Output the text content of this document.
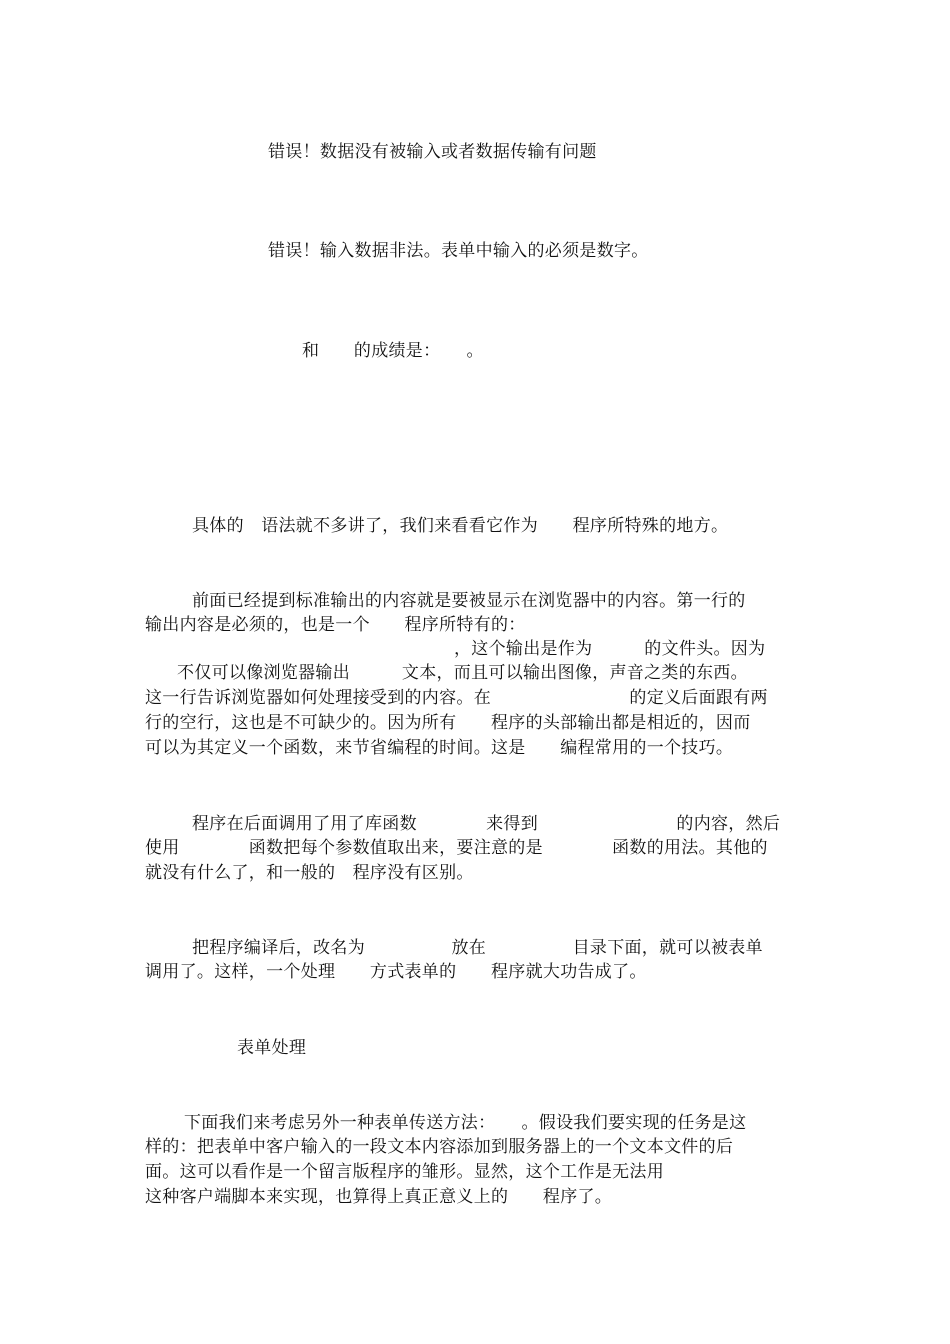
错误！数据没有被输入或者数据传输有问题

错误！输入数据非法。表单中输入的必须是数字。

和　　的成绩是：　　。

具体的　语法就不多讲了，我们来看看它作为　　程序所特殊的地方。

前面已经提到标准输出的内容就是要被显示在浏览器中的内容。第一行的

输出内容是必须的，也是一个　　程序所特有的：

，这个输出是作为　　　的文件头。因为

不仅可以像浏览器输出　　　文本，而且可以输出图像，声音之类的东西。

这一行告诉浏览器如何处理接受到的内容。在　　　　　　　　的定义后面跟有两

行的空行，这也是不可缺少的。因为所有　　程序的头部输出都是相近的，因而

可以为其定义一个函数，来节省编程的时间。这是　　编程常用的一个技巧。

程序在后面调用了用了库函数　　　　来得到　　　　　　　　的内容，然后

使用　　　　函数把每个参数值取出来，要注意的是　　　　函数的用法。其他的

就没有什么了，和一般的　程序没有区别。

把程序编译后，改名为　　　　　放在　　　　　目录下面，就可以被表单

调用了。这样，一个处理　　方式表单的　　程序就大功告成了。

表单处理

下面我们来考虑另外一种表单传送方法：　　。假设我们要实现的任务是这

样的：把表单中客户输入的一段文本内容添加到服务器上的一个文本文件的后

面。这可以看作是一个留言版程序的雏形。显然，这个工作是无法用

这种客户端脚本来实现，也算得上真正意义上的　　程序了。
